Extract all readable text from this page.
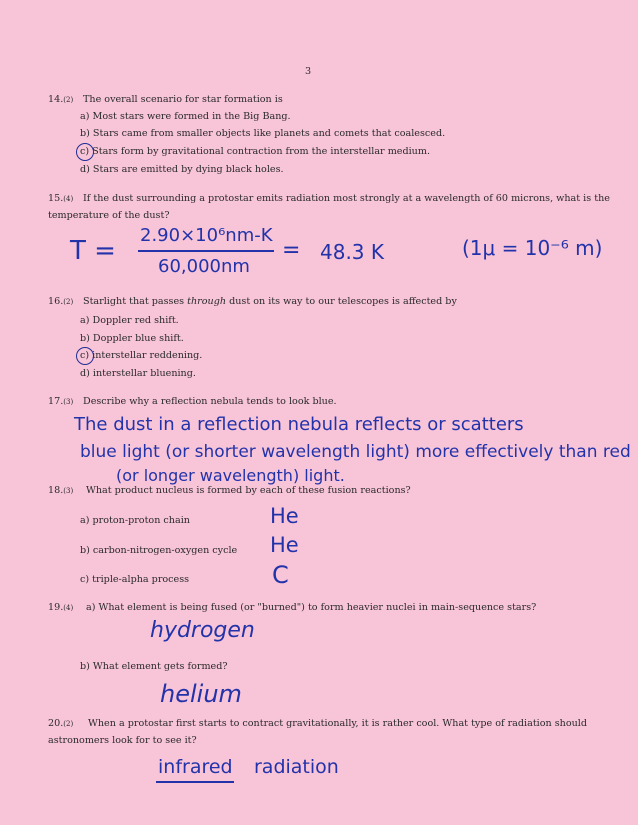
3
14.(2) The overall scenario for star formation is
a) Most stars were formed in the Big Bang.
b) Stars came from smaller objects like planets and comets that coalesced.
c) Stars form by gravitational contraction from the interstellar medium.
d) Stars are emitted by dying black holes.
15.(4) If the dust surrounding a protostar emits radiation most strongly at a wavelength of 60 microns, what is the
temperature of the dust?
T =
2.90×10⁶nm-K
60,000nm
= 48.3 K	(1μ = 10⁻⁶ m)
16.(2) Starlight that passes through dust on its way to our telescopes is affected by
a) Doppler red shift.
b) Doppler blue shift.
c) interstellar reddening.
d) interstellar bluening.
17.(3) Describe why a reflection nebula tends to look blue.
The dust in a reflection nebula reflects or scatters
blue light (or shorter wavelength light) more effectively than red
(or longer wavelength) light.
18.(3) What product nucleus is formed by each of these fusion reactions?
a) proton-proton chain	He
b) carbon-nitrogen-oxygen cycle He
c) triple-alpha process	C
19.(4) a) What element is being fused (or "burned") to form heavier nuclei in main-sequence stars?
hydrogen
b) What element gets formed?
helium
20.(2) When a protostar first starts to contract gravitationally, it is rather cool. What type of radiation should
astronomers look for to see it?
infrared radiation
